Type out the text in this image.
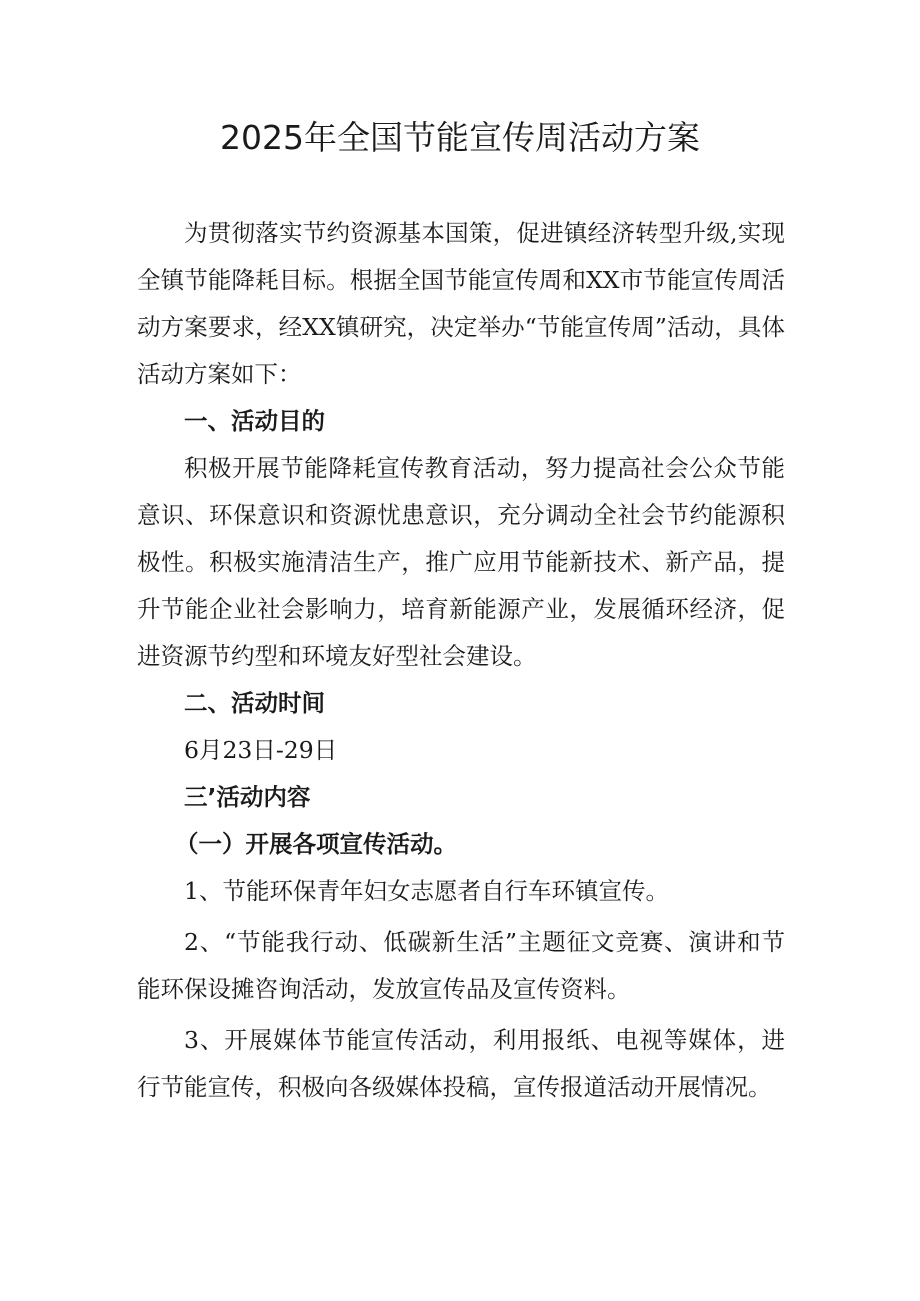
2025年全国节能宣传周活动方案

为贯彻落实节约资源基本国策，促进镇经济转型升级,实现全镇节能降耗目标。根据全国节能宣传周和XX市节能宣传周活动方案要求，经XX镇研究，决定举办“节能宣传周”活动，具体活动方案如下：

一、活动目的

积极开展节能降耗宣传教育活动，努力提高社会公众节能意识、环保意识和资源忧患意识，充分调动全社会节约能源积极性。积极实施清洁生产，推广应用节能新技术、新产品，提升节能企业社会影响力，培育新能源产业，发展循环经济，促进资源节约型和环境友好型社会建设。

二、活动时间

6月23日-29日

三’活动内容

（一）开展各项宣传活动。

1、节能环保青年妇女志愿者自行车环镇宣传。

2、“节能我行动、低碳新生活”主题征文竞赛、演讲和节能环保设摊咨询活动，发放宣传品及宣传资料。

3、开展媒体节能宣传活动，利用报纸、电视等媒体，进行节能宣传，积极向各级媒体投稿，宣传报道活动开展情况。
